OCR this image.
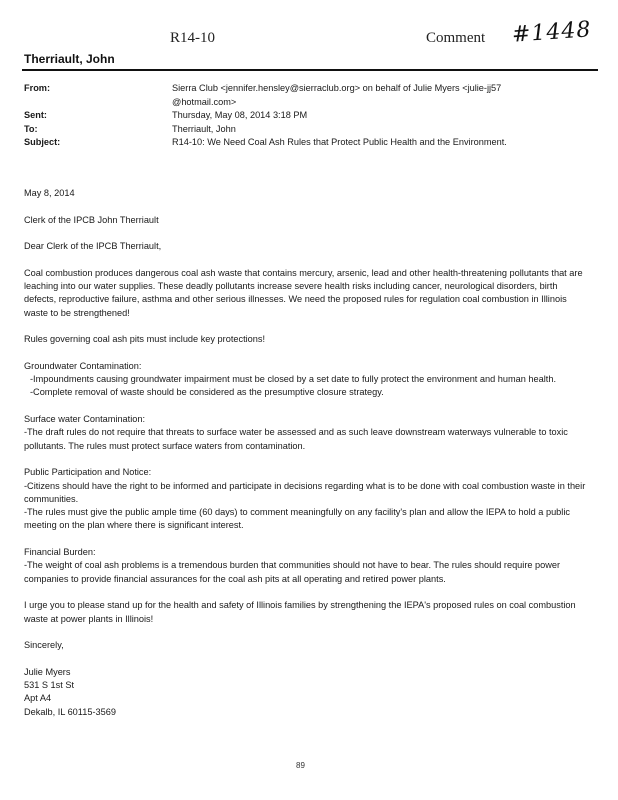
R14-10	Comment #1448
Therriault, John
From:	Sierra Club <jennifer.hensley@sierraclub.org> on behalf of Julie Myers <julie-jj57
@hotmail.com>
Sent:	Thursday, May 08, 2014 3:18 PM
To:	Therriault, John
Subject:	R14-10: We Need Coal Ash Rules that Protect Public Health and the Environment.

May 8, 2014

Clerk of the IPCB John Therriault

Dear Clerk of the IPCB Therriault,

Coal combustion produces dangerous coal ash waste that contains mercury, arsenic, lead and other health-threatening pollutants that are leaching into our water supplies. These deadly pollutants increase severe health risks including cancer, neurological disorders, birth defects, reproductive failure, asthma and other serious illnesses. We need the proposed rules for regulation coal combustion in Illinois waste to be strengthened!

Rules governing coal ash pits must include key protections!

Groundwater Contamination:

-Impoundments causing groundwater impairment must be closed by a set date to fully protect the environment and human health.

-Complete removal of waste should be considered as the presumptive closure strategy.

Surface water Contamination:

-The draft rules do not require that threats to surface water be assessed and as such leave downstream waterways vulnerable to toxic pollutants. The rules must protect surface waters from contamination.

Public Participation and Notice:

-Citizens should have the right to be informed and participate in decisions regarding what is to be done with coal combustion waste in their communities.

-The rules must give the public ample time (60 days) to comment meaningfully on any facility's plan and allow the IEPA to hold a public meeting on the plan where there is significant interest.

Financial Burden:

-The weight of coal ash problems is a tremendous burden that communities should not have to bear. The rules should require power companies to provide financial assurances for the coal ash pits at all operating and retired power plants.

I urge you to please stand up for the health and safety of Illinois families by strengthening the IEPA's proposed rules on coal combustion waste at power plants in Illinois!

Sincerely,

Julie Myers

531 S 1st St

Apt A4

Dekalb, IL 60115-3569

89
